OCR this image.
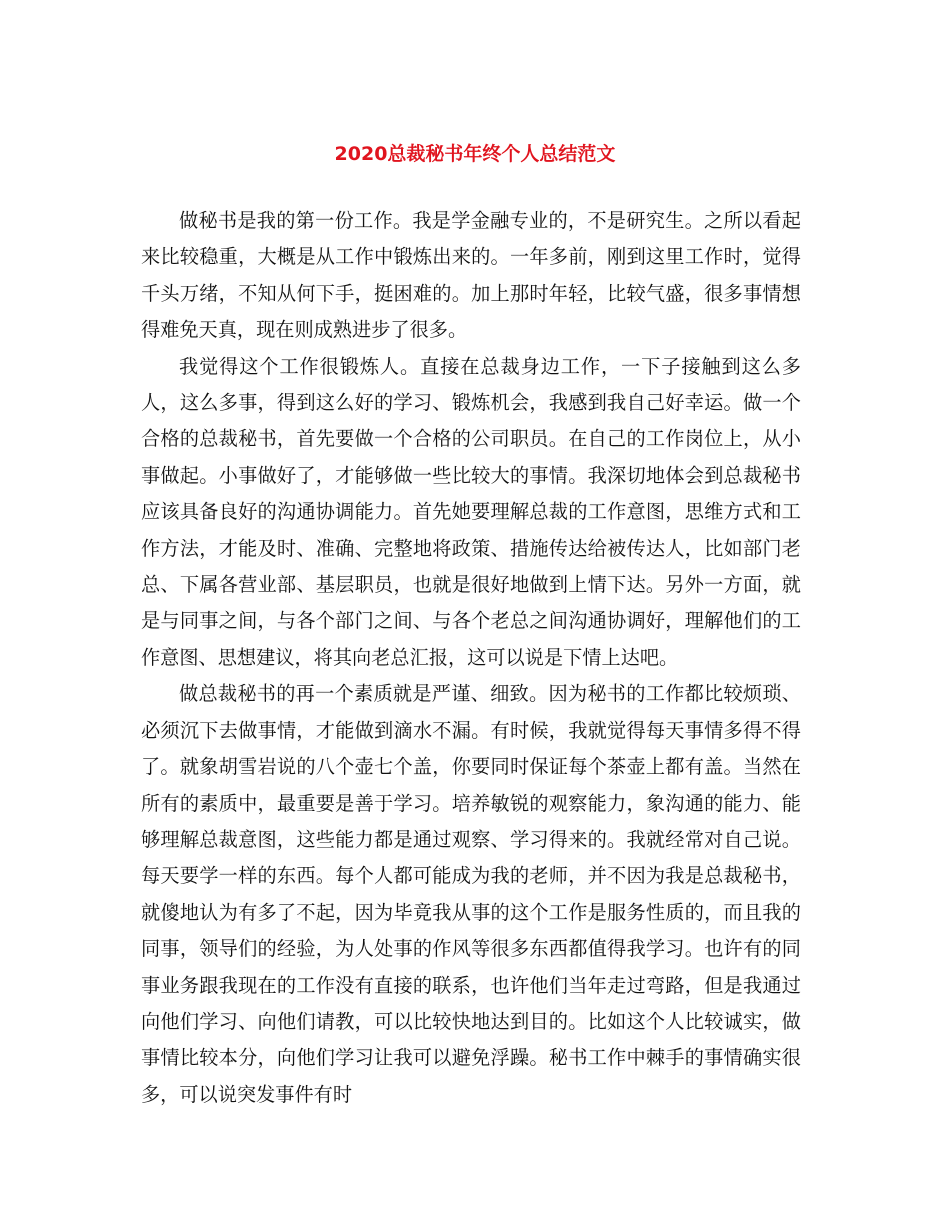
2020总裁秘书年终个人总结范文

做秘书是我的第一份工作。我是学金融专业的，不是研究生。之所以看起来比较稳重，大概是从工作中锻炼出来的。一年多前，刚到这里工作时，觉得千头万绪，不知从何下手，挺困难的。加上那时年轻，比较气盛，很多事情想得难免天真，现在则成熟进步了很多。

我觉得这个工作很锻炼人。直接在总裁身边工作，一下子接触到这么多人，这么多事，得到这么好的学习、锻炼机会，我感到我自己好幸运。做一个合格的总裁秘书，首先要做一个合格的公司职员。在自己的工作岗位上，从小事做起。小事做好了，才能够做一些比较大的事情。我深切地体会到总裁秘书应该具备良好的沟通协调能力。首先她要理解总裁的工作意图，思维方式和工作方法，才能及时、准确、完整地将政策、措施传达给被传达人，比如部门老总、下属各营业部、基层职员，也就是很好地做到上情下达。另外一方面，就是与同事之间，与各个部门之间、与各个老总之间沟通协调好，理解他们的工作意图、思想建议，将其向老总汇报，这可以说是下情上达吧。

做总裁秘书的再一个素质就是严谨、细致。因为秘书的工作都比较烦琐、必须沉下去做事情，才能做到滴水不漏。有时候，我就觉得每天事情多得不得了。就象胡雪岩说的八个壶七个盖，你要同时保证每个茶壶上都有盖。当然在所有的素质中，最重要是善于学习。培养敏锐的观察能力，象沟通的能力、能够理解总裁意图，这些能力都是通过观察、学习得来的。我就经常对自己说。每天要学一样的东西。每个人都可能成为我的老师，并不因为我是总裁秘书，就傻地认为有多了不起，因为毕竟我从事的这个工作是服务性质的，而且我的同事，领导们的经验，为人处事的作风等很多东西都值得我学习。也许有的同事业务跟我现在的工作没有直接的联系，也许他们当年走过弯路，但是我通过向他们学习、向他们请教，可以比较快地达到目的。比如这个人比较诚实，做事情比较本分，向他们学习让我可以避免浮躁。秘书工作中棘手的事情确实很多，可以说突发事件有时
